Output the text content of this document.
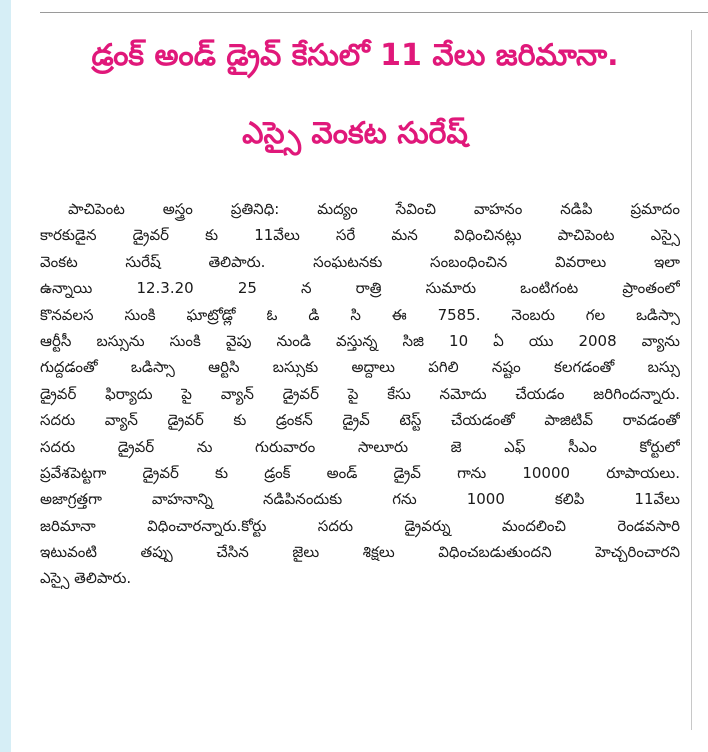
డ్రంక్ అండ్ డ్రైవ్ కేసులో 11 వేలు జరిమానా.
ఎస్సై వెంకట సురేష్
పాచిపెంట అస్త్రం ప్రతినిధి: మద్యం సేవించి వాహనం నడిపి ప్రమాదం
కారకుడైన డ్రైవర్ కు 11వేలు సరే మన విధించినట్లు పాచిపెంట ఎస్సై
వెంకట సురేష్ తెలిపారు. సంఘటనకు సంబంధించిన వివరాలు ఇలా
ఉన్నాయి 12.3.20 25 న రాత్రి సుమారు ఒంటిగంట ప్రాంతంలో
కొనవలస సుంకి ఘాట్రోడ్లో ఓ డి సి ఈ 7585. నెంబరు గల ఒడిస్సా
ఆర్టీసీ బస్సును సుంకి వైపు నుండి వస్తున్న సిజి 10 ఏ యు 2008 వ్యాను
గుద్దడంతో ఒడిస్సా ఆర్టిసి బస్సుకు అద్దాలు పగిలి నష్టం కలగడంతో బస్సు
డ్రైవర్ ఫిర్యాదు పై వ్యాన్ డ్రైవర్ పై కేసు నమోదు చేయడం జరిగిందన్నారు.
సదరు వ్యాన్ డ్రైవర్ కు డ్రంకన్ డ్రైవ్ టెస్ట్ చేయడంతో పాజిటివ్ రావడంతో
సదరు డ్రైవర్ ను గురువారం సాలూరు జె ఎఫ్ సీఎం కోర్టులో
ప్రవేశపెట్టగా డ్రైవర్ కు డ్రంక్ అండ్ డ్రైవ్ గాను 10000 రూపాయలు.
అజాగ్రత్తగా వాహనాన్ని నడిపినందుకు గను 1000 కలిపి 11వేలు
జరిమానా విధించారన్నారు.కోర్టు సదరు డ్రైవర్ను మందలించి రెండవసారి
ఇటువంటి తప్పు చేసిన జైలు శిక్షలు విధించబడుతుందని హెచ్చరించారని
ఎస్సై తెలిపారు.
